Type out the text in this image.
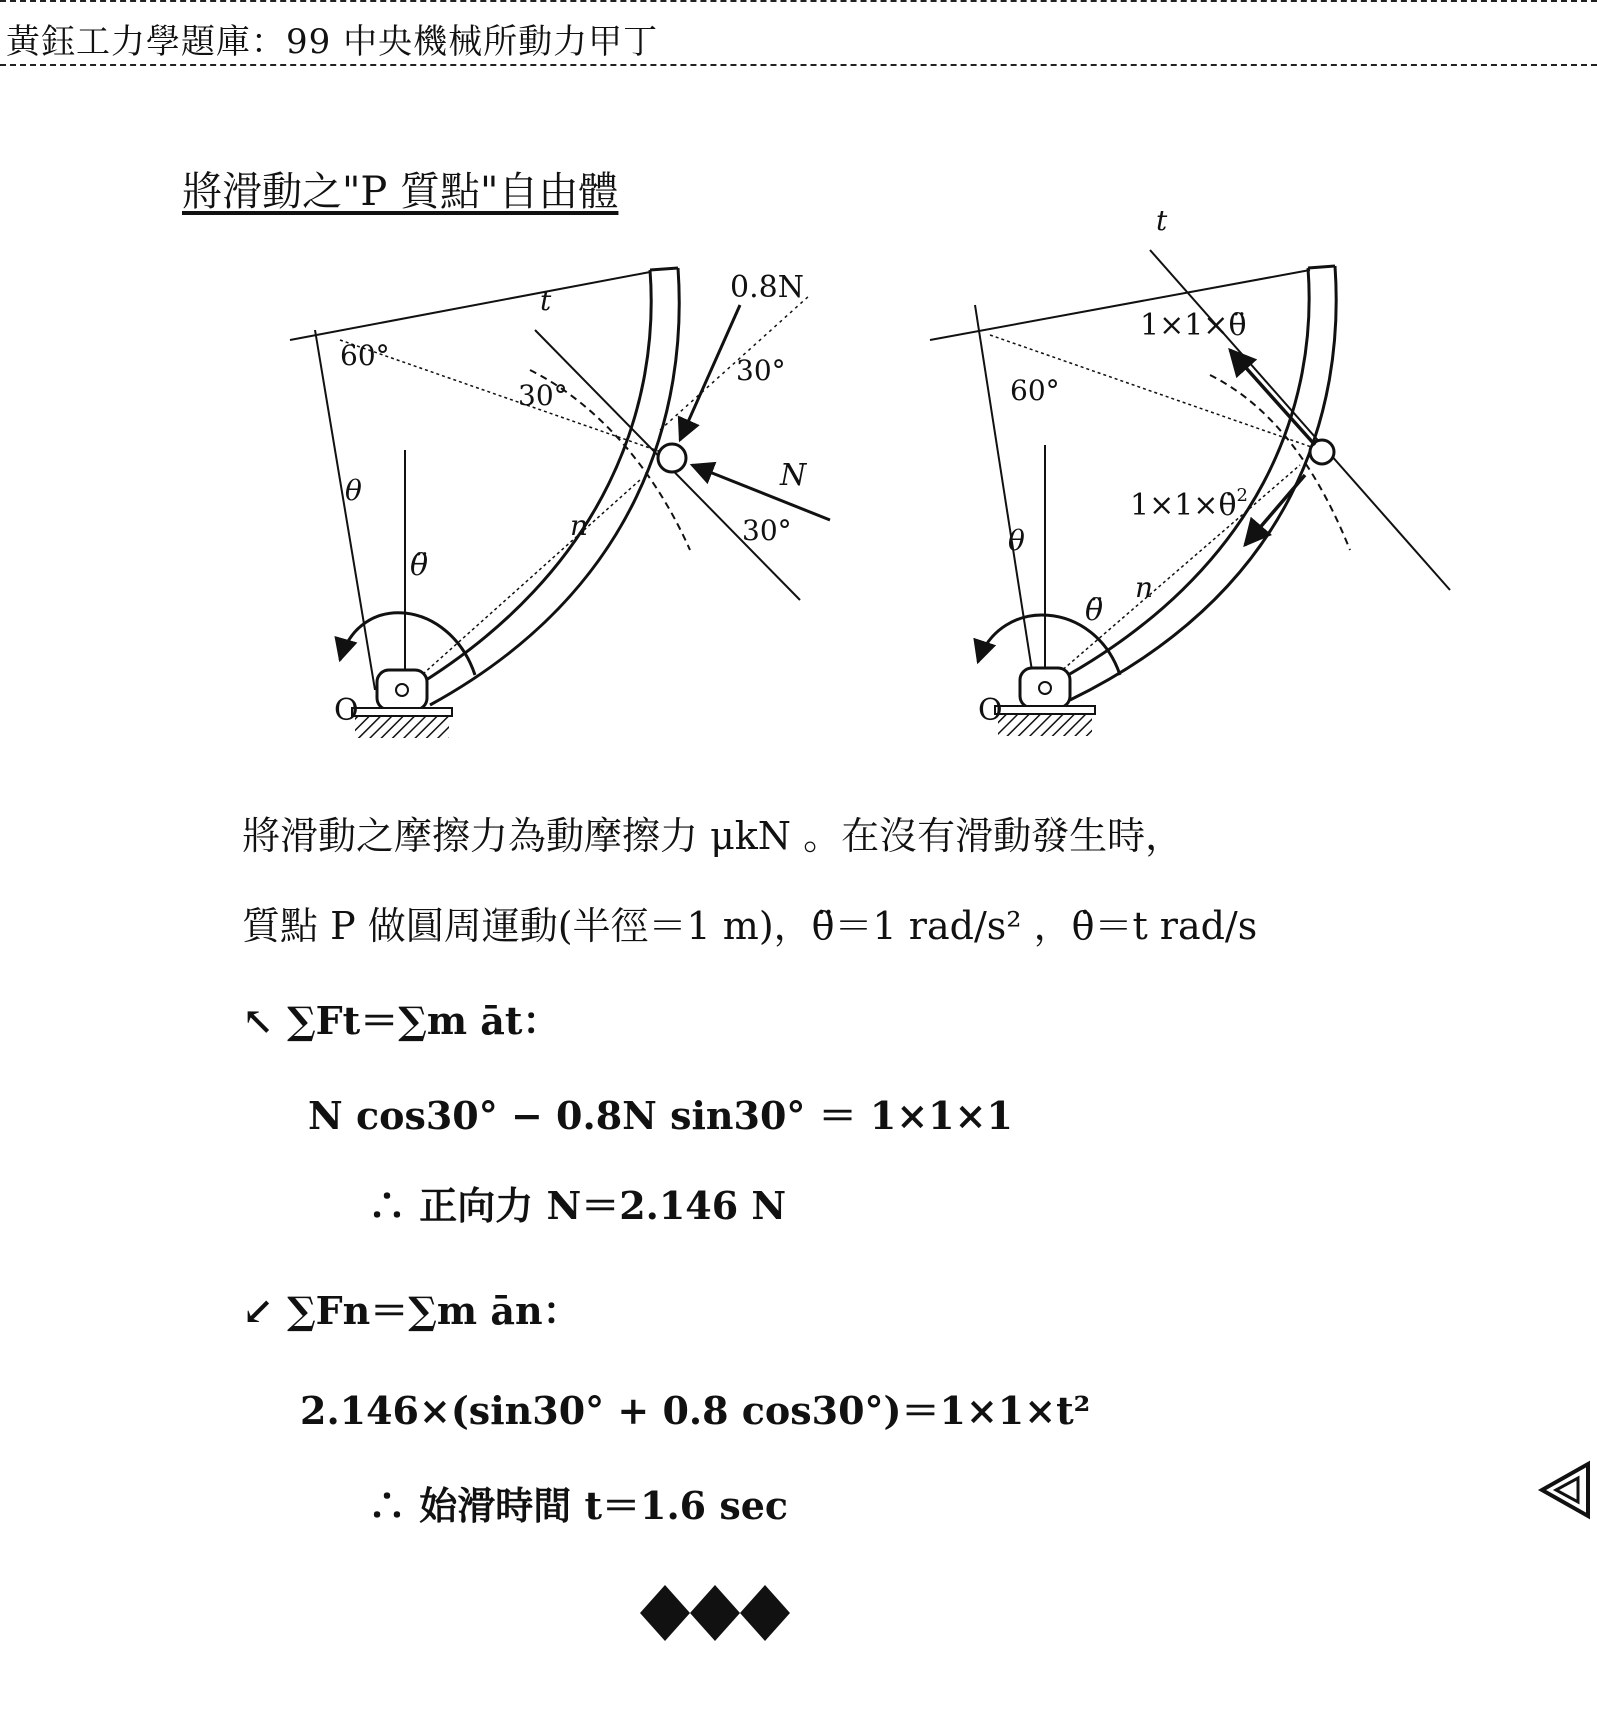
黃鈺工力學題庫：99 中央機械所動力甲丁
將滑動之"P 質點"自由體
60°
θ
θ̈
O
t
n
0.8N
N
30°
30°
30°
t
60°
θ
θ̈
O
n
1×1×θ̈
1×1×θ̇$^2$
將滑動之摩擦力為動摩擦力 μkN 。在沒有滑動發生時，
質點 P 做圓周運動(半徑＝1 m)，θ̈＝1 rad/s² ，θ̇＝t rad/s
↖ ∑Ft＝∑m āt：
N cos30° − 0.8N sin30° ＝ 1×1×1
∴ 正向力 N＝2.146 N
↙ ∑Fn＝∑m ān：
2.146×(sin30° + 0.8 cos30°)＝1×1×t²
∴ 始滑時間 t＝1.6 sec
